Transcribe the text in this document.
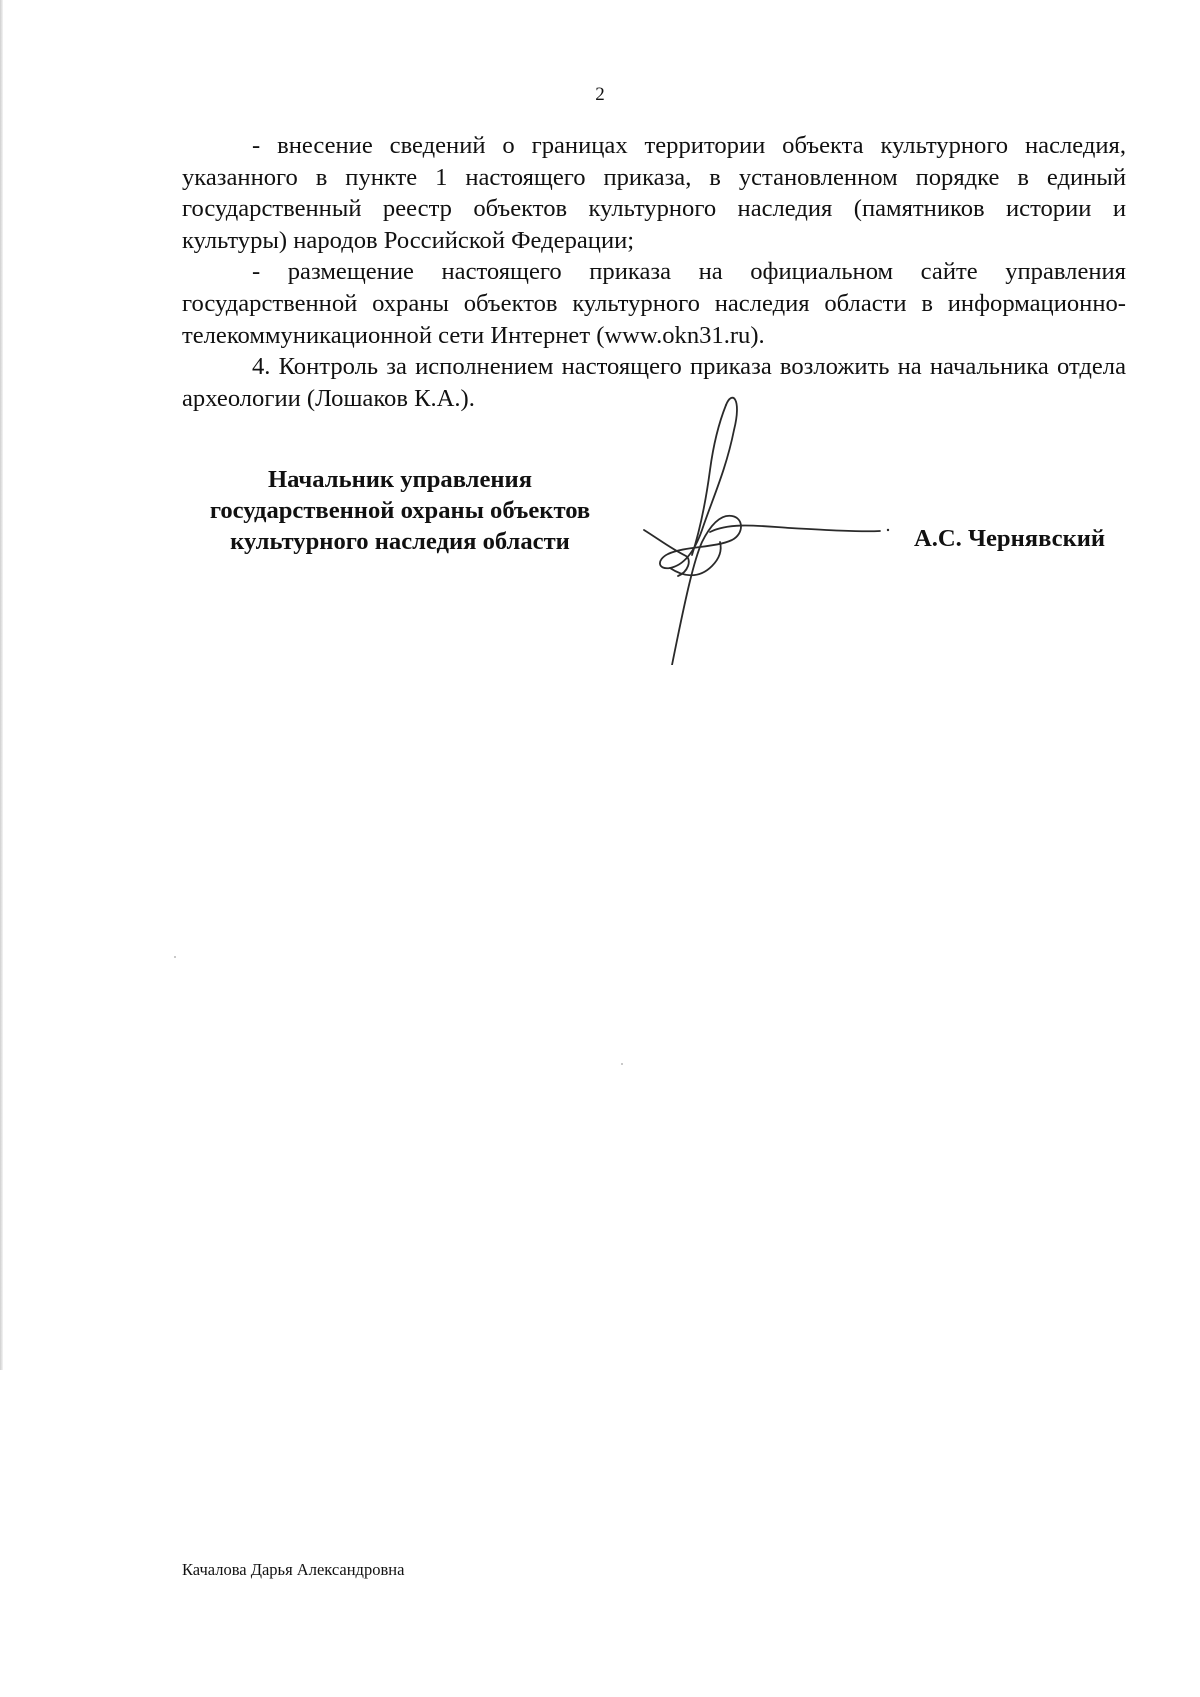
2

- внесение сведений о границах территории объекта культурного наследия, указанного в пункте 1 настоящего приказа, в установленном порядке в единый государственный реестр объектов культурного наследия (памятников истории и культуры) народов Российской Федерации;

- размещение настоящего приказа на официальном сайте управления государственной охраны объектов культурного наследия области в информационно-телекоммуникационной сети Интернет (www.okn31.ru).

4. Контроль за исполнением настоящего приказа возложить на начальника отдела археологии (Лошаков К.А.).

Начальник управления
государственной охраны объектов
культурного наследия области	А.С. Чернявский
Качалова Дарья Александровна
